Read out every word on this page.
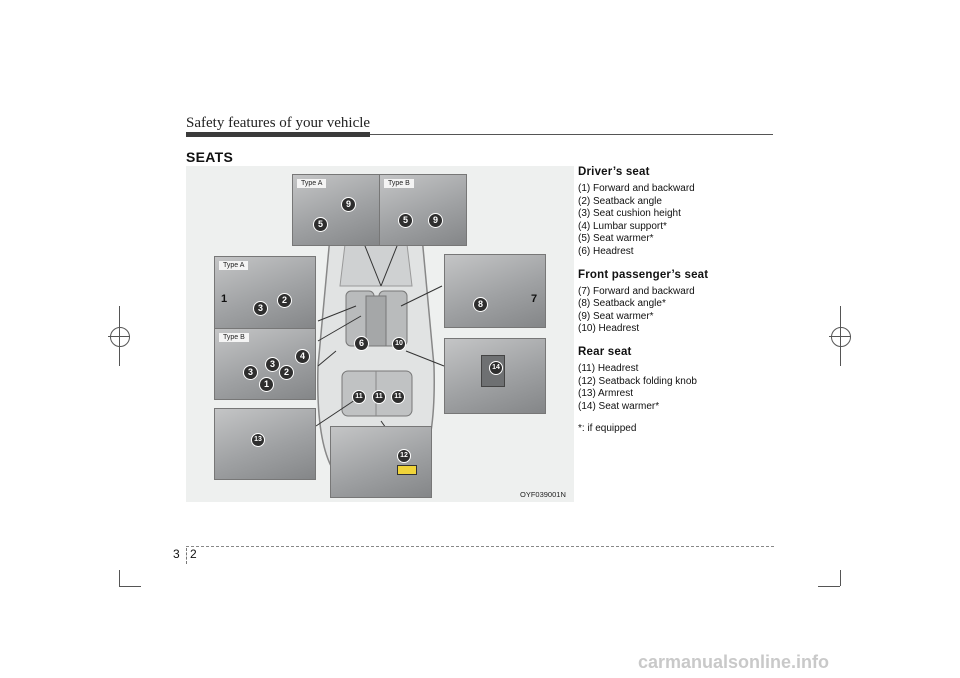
Safety features of your vehicle
SEATS
Type A
5
9
Type B
5	9
Type A
1
3
2
Type B
3
4
3	2
1
8	7
6	10
11	11	11
14
13
12
OYF039001N
Driver’s seat
(1) Forward and backward
(2) Seatback angle
(3) Seat cushion height
(4) Lumbar support*
(5) Seat warmer*
(6) Headrest
Front passenger’s seat
(7) Forward and backward
(8) Seatback angle*
(9) Seat warmer*
(10) Headrest
Rear seat
(11) Headrest
(12) Seatback folding knob
(13) Armrest
(14) Seat warmer*
*: if equipped
3 2
carmanualsonline.info
